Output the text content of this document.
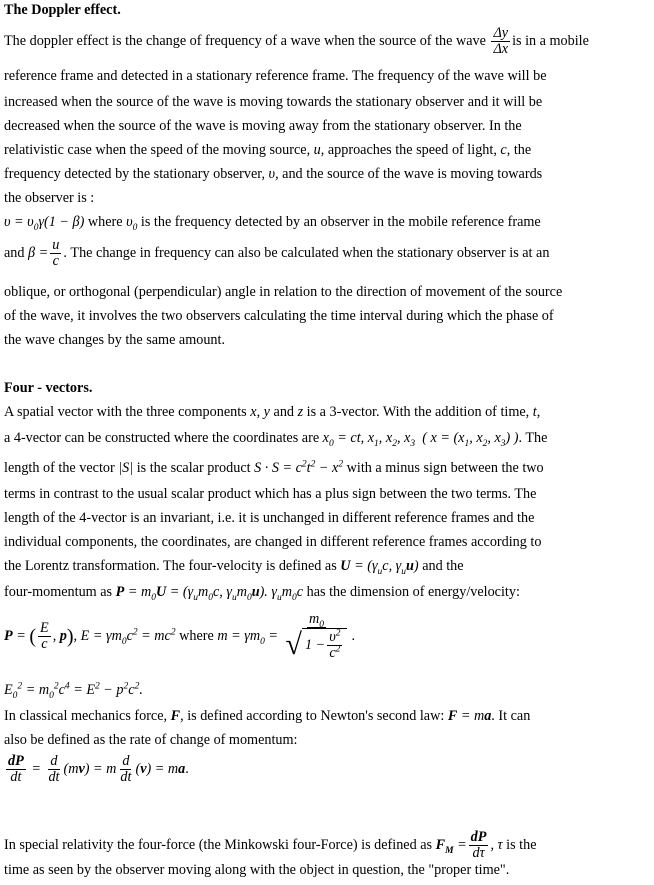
The Doppler effect.
The doppler effect is the change of frequency of a wave when the source of the wave $\frac{\Delta y}{\Delta x}$ is in a mobile
reference frame and detected in a stationary reference frame. The frequency of the wave will be
increased when the source of the wave is moving towards the stationary observer and it will be
decreased when the source of the wave is moving away from the stationary observer. In the
relativistic case when the speed of the moving source, u, approaches the speed of light, c, the
frequency detected by the stationary observer, υ, and the source of the wave is moving towards
the observer is :
$\upsilon = \upsilon_0\gamma(1 - \beta)$ where $\upsilon_0$ is the frequency detected by an observer in the mobile reference frame
and $\beta = \frac{u}{c}$ . The change in frequency can also be calculated when the stationary observer is at an
oblique, or orthogonal (perpendicular) angle in relation to the direction of movement of the source
of the wave, it involves the two observers calculating the time interval during which the phase of
the wave changes by the same amount.
Four - vectors.
A spatial vector with the three components x, y and z is a 3-vector. With the addition of time, t,
a 4-vector can be constructed where the coordinates are $x_0$ = ct, $x_1$, $x_2$, $x_3$  ( $x = (x_1$, $x_2$, $x_3$) ). The
length of the vector |S| is the scalar product $S \cdot S = c^2t^2 - x^2$ with a minus sign between the two
terms in contrast to the usual scalar product which has a plus sign between the two terms. The
length of the 4-vector is an invariant, i.e. it is unchanged in different reference frames and the
individual components, the coordinates, are changed in different reference frames according to
the Lorentz transformation. The four-velocity is defined as $U = (\gamma_uc$, $\gamma_uu$) and the
four-momentum as $P = m_0U = (\gamma_um_0c$, $\gamma_um_0u$). $\gamma_um_0c$ has the dimension of energy/velocity:
P = ( $\frac{E}{c}$ , p), $E = \gamma m_0c^2 = mc^2$ where $m = \gamma m_0 = \frac{m_0}{√ 1 - \frac{\upsilon^2}{c^2}}$ .
$E_0^2 = m_0^2c^4 = E^2 - p^2c^2$.
In classical mechanics force, F, is defined according to Newton's second law: F = ma. It can
also be defined as the rate of change of momentum:
$\frac{dP}{dt} = \frac{d}{dt} (mv) = m \frac{d}{dt} (v)$ = ma.
In special relativity the four-force (the Minkowski four-Force) is defined as $F_M = \frac{dP}{d\tau}$ , τ is the
time as seen by the observer moving along with the object in question, the "proper time".
